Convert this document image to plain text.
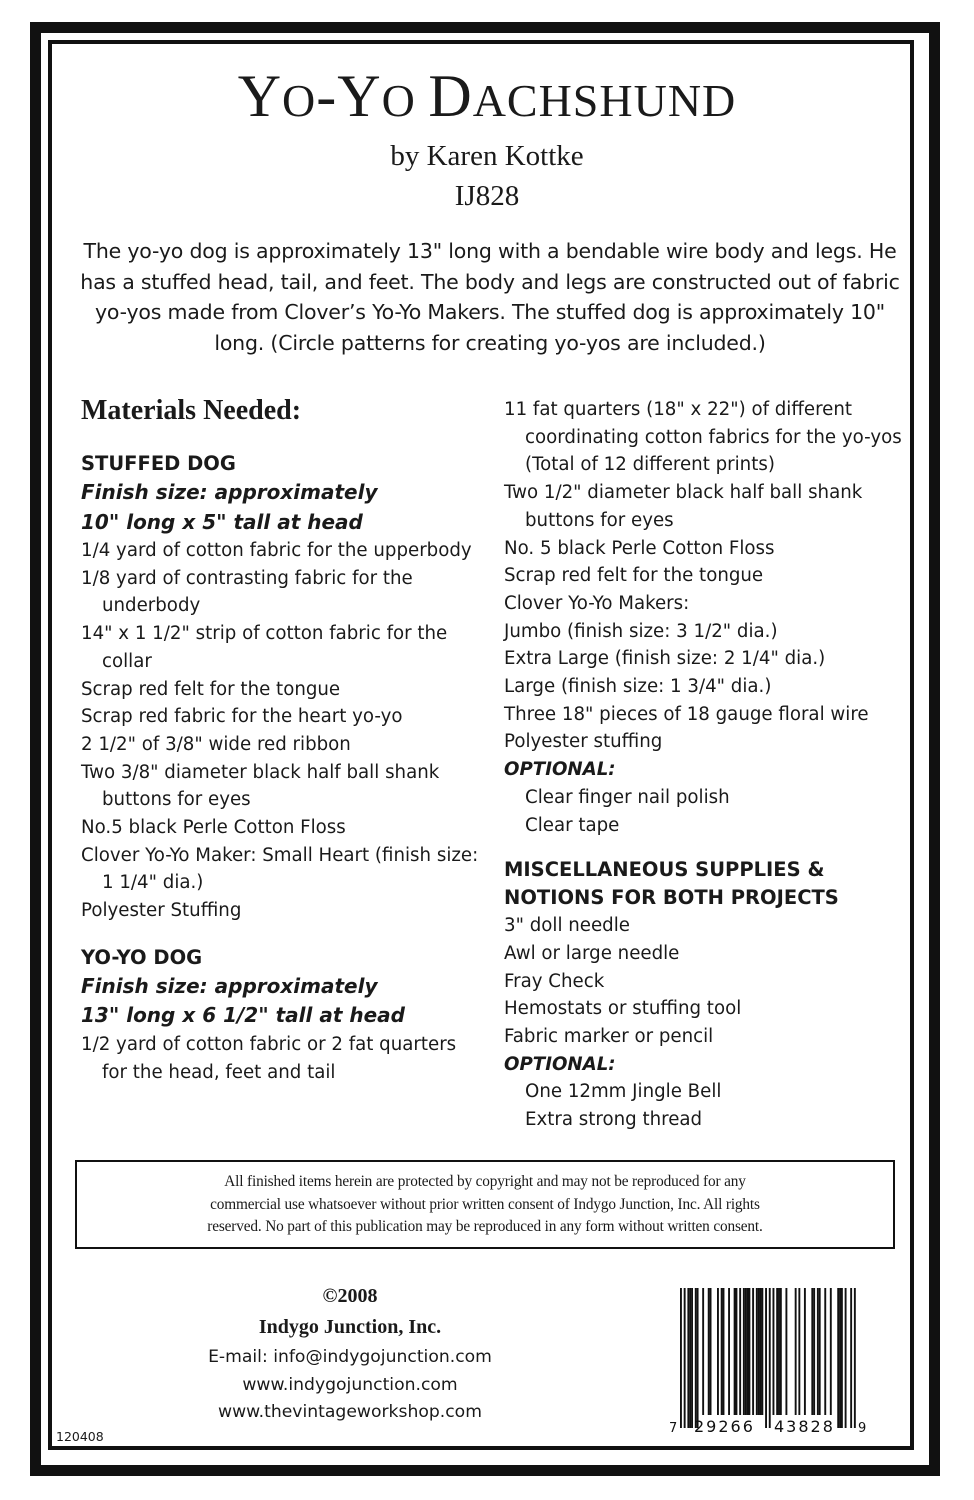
YO-YO DACHSHUND
by Karen Kottke
IJ828
The yo-yo dog is approximately 13" long with a bendable wire body and legs. He has a stuffed head, tail, and feet. The body and legs are constructed out of fabric yo-yos made from Clover’s Yo-Yo Makers. The stuffed dog is approximately 10" long. (Circle patterns for creating yo-yos are included.)
Materials Needed:
STUFFED DOG
Finish size: approximately
10" long x 5" tall at head
1/4 yard of cotton fabric for the upperbody
1/8 yard of contrasting fabric for the underbody
14" x 1 1/2" strip of cotton fabric for the collar
Scrap red felt for the tongue
Scrap red fabric for the heart yo-yo
2 1/2" of 3/8" wide red ribbon
Two 3/8" diameter black half ball shank buttons for eyes
No.5 black Perle Cotton Floss
Clover Yo-Yo Maker: Small Heart (finish size: 1 1/4" dia.)
Polyester Stuffing
YO-YO DOG
Finish size: approximately
13" long x 6 1/2" tall at head
1/2 yard of cotton fabric or 2 fat quarters for the head, feet and tail
11 fat quarters (18" x 22") of different coordinating cotton fabrics for the yo-yos (Total of 12 different prints)
Two 1/2" diameter black half ball shank buttons for eyes
No. 5 black Perle Cotton Floss
Scrap red felt for the tongue
Clover Yo-Yo Makers:
Jumbo (finish size: 3 1/2" dia.)
Extra Large (finish size: 2 1/4" dia.)
Large (finish size: 1 3/4" dia.)
Three 18" pieces of 18 gauge floral wire
Polyester stuffing
OPTIONAL:
Clear finger nail polish
Clear tape
MISCELLANEOUS SUPPLIES &
NOTIONS FOR BOTH PROJECTS
3" doll needle
Awl or large needle
Fray Check
Hemostats or stuffing tool
Fabric marker or pencil
OPTIONAL:
One 12mm Jingle Bell
Extra strong thread
All finished items herein are protected by copyright and may not be reproduced for any
commercial use whatsoever without prior written consent of Indygo Junction, Inc. All rights
reserved. No part of this publication may be reproduced in any form without written consent.
©2008
Indygo Junction, Inc.
E-mail: info@indygojunction.com
www.indygojunction.com
www.thevintageworkshop.com
120408
7 29266 43828 9
